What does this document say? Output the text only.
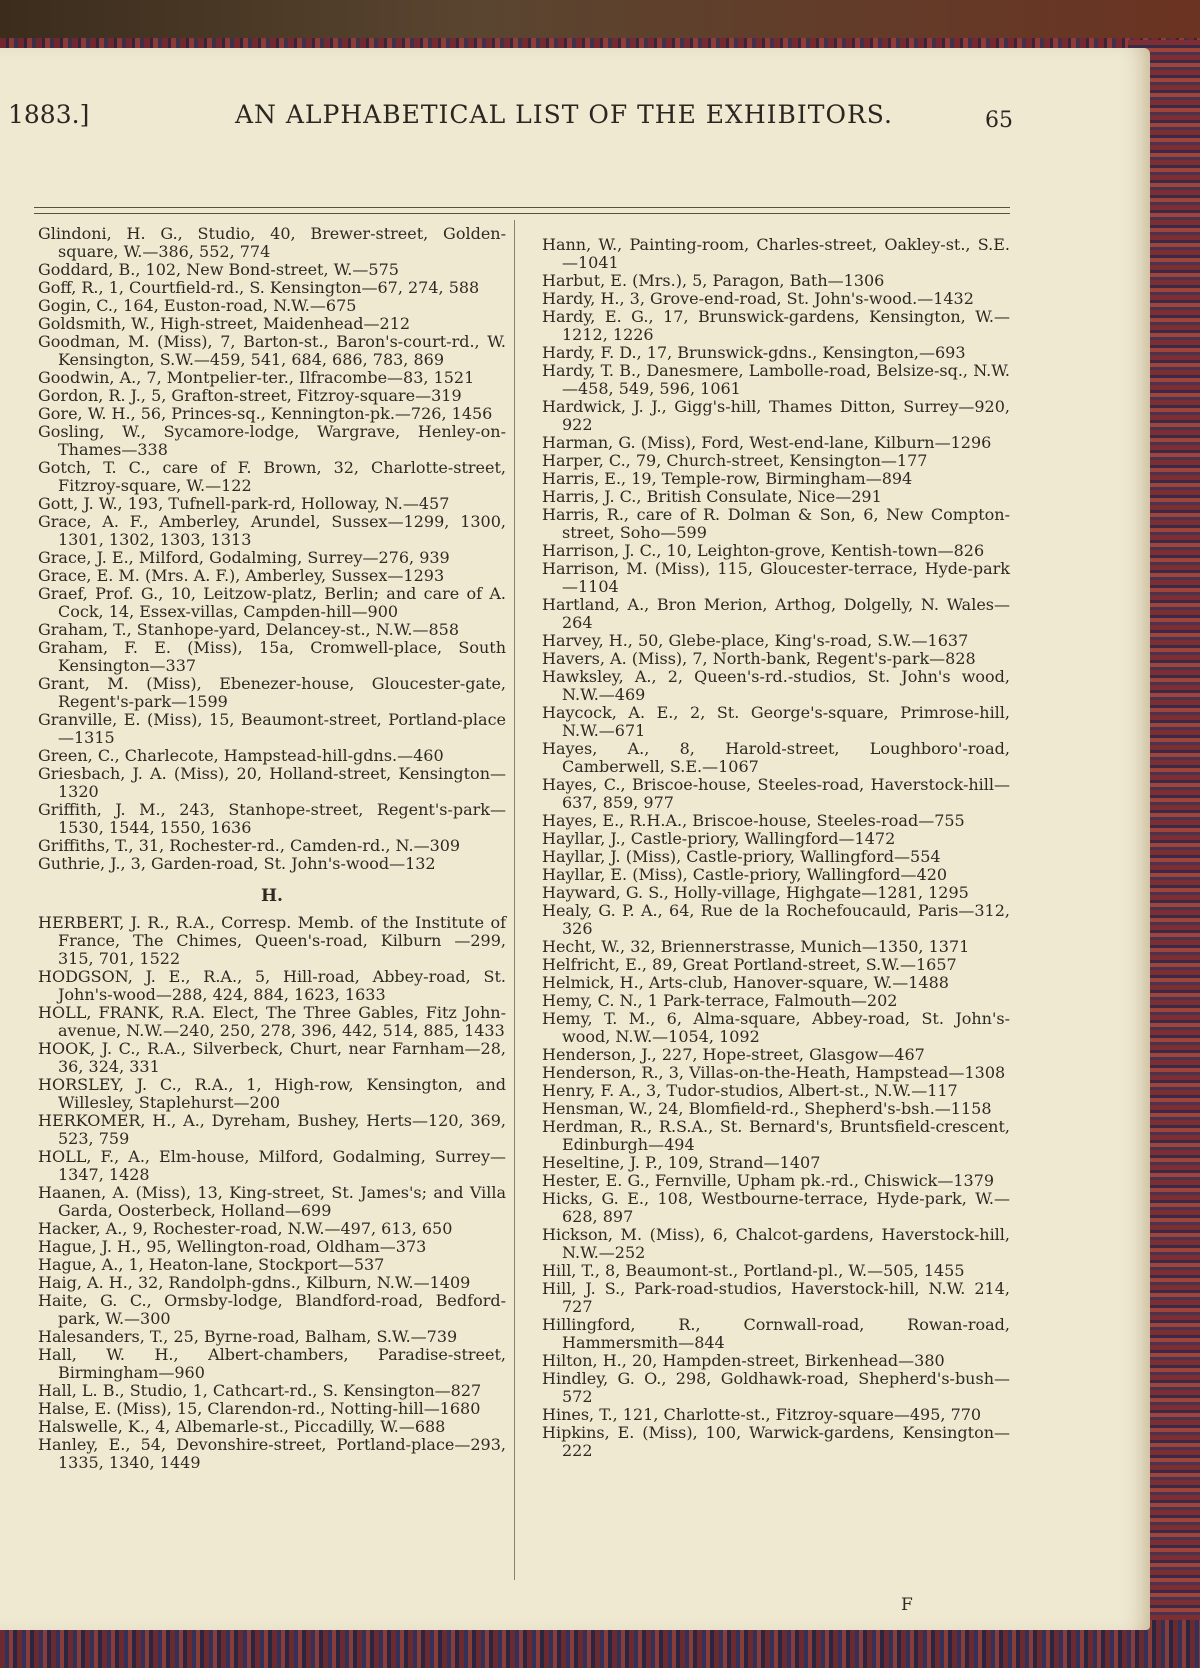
1883.]	AN ALPHABETICAL LIST OF THE EXHIBITORS.	65

Glindoni, H. G., Studio, 40, Brewer-street, Golden-square, W.—386, 552, 774

Goddard, B., 102, New Bond-street, W.—575

Goff, R., 1, Courtfield-rd., S. Kensington—67, 274, 588

Gogin, C., 164, Euston-road, N.W.—675

Goldsmith, W., High-street, Maidenhead—212

Goodman, M. (Miss), 7, Barton-st., Baron's-court-rd., W. Kensington, S.W.—459, 541, 684, 686, 783, 869

Goodwin, A., 7, Montpelier-ter., Ilfracombe—83, 1521

Gordon, R. J., 5, Grafton-street, Fitzroy-square—319

Gore, W. H., 56, Princes-sq., Kennington-pk.—726, 1456

Gosling, W., Sycamore-lodge, Wargrave, Henley-on-Thames—338

Gotch, T. C., care of F. Brown, 32, Charlotte-street, Fitzroy-square, W.—122

Gott, J. W., 193, Tufnell-park-rd, Holloway, N.—457

Grace, A. F., Amberley, Arundel, Sussex—1299, 1300, 1301, 1302, 1303, 1313

Grace, J. E., Milford, Godalming, Surrey—276, 939

Grace, E. M. (Mrs. A. F.), Amberley, Sussex—1293

Graef, Prof. G., 10, Leitzow-platz, Berlin; and care of A. Cock, 14, Essex-villas, Campden-hill—900

Graham, T., Stanhope-yard, Delancey-st., N.W.—858

Graham, F. E. (Miss), 15a, Cromwell-place, South Kensington—337

Grant, M. (Miss), Ebenezer-house, Gloucester-gate, Regent's-park—1599

Granville, E. (Miss), 15, Beaumont-street, Portland-place—1315

Green, C., Charlecote, Hampstead-hill-gdns.—460

Griesbach, J. A. (Miss), 20, Holland-street, Kensington—1320

Griffith, J. M., 243, Stanhope-street, Regent's-park—1530, 1544, 1550, 1636

Griffiths, T., 31, Rochester-rd., Camden-rd., N.—309

Guthrie, J., 3, Garden-road, St. John's-wood—132

H.

HERBERT, J. R., R.A., Corresp. Memb. of the Institute of France, The Chimes, Queen's-road, Kilburn —299, 315, 701, 1522

HODGSON, J. E., R.A., 5, Hill-road, Abbey-road, St. John's-wood—288, 424, 884, 1623, 1633

HOLL, FRANK, R.A. Elect, The Three Gables, Fitz John-avenue, N.W.—240, 250, 278, 396, 442, 514, 885, 1433

HOOK, J. C., R.A., Silverbeck, Churt, near Farnham—28, 36, 324, 331

HORSLEY, J. C., R.A., 1, High-row, Kensington, and Willesley, Staplehurst—200

HERKOMER, H., A., Dyreham, Bushey, Herts—120, 369, 523, 759

HOLL, F., A., Elm-house, Milford, Godalming, Surrey—1347, 1428

Haanen, A. (Miss), 13, King-street, St. James's; and Villa Garda, Oosterbeck, Holland—699

Hacker, A., 9, Rochester-road, N.W.—497, 613, 650

Hague, J. H., 95, Wellington-road, Oldham—373

Hague, A., 1, Heaton-lane, Stockport—537

Haig, A. H., 32, Randolph-gdns., Kilburn, N.W.—1409

Haite, G. C., Ormsby-lodge, Blandford-road, Bedford-park, W.—300

Halesanders, T., 25, Byrne-road, Balham, S.W.—739

Hall, W. H., Albert-chambers, Paradise-street, Birmingham—960

Hall, L. B., Studio, 1, Cathcart-rd., S. Kensington—827

Halse, E. (Miss), 15, Clarendon-rd., Notting-hill—1680

Halswelle, K., 4, Albemarle-st., Piccadilly, W.—688

Hanley, E., 54, Devonshire-street, Portland-place—293, 1335, 1340, 1449

Hann, W., Painting-room, Charles-street, Oakley-st., S.E.—1041

Harbut, E. (Mrs.), 5, Paragon, Bath—1306

Hardy, H., 3, Grove-end-road, St. John's-wood.—1432

Hardy, E. G., 17, Brunswick-gardens, Kensington, W.—1212, 1226

Hardy, F. D., 17, Brunswick-gdns., Kensington,—693

Hardy, T. B., Danesmere, Lambolle-road, Belsize-sq., N.W.—458, 549, 596, 1061

Hardwick, J. J., Gigg's-hill, Thames Ditton, Surrey—920, 922

Harman, G. (Miss), Ford, West-end-lane, Kilburn—1296

Harper, C., 79, Church-street, Kensington—177

Harris, E., 19, Temple-row, Birmingham—894

Harris, J. C., British Consulate, Nice—291

Harris, R., care of R. Dolman & Son, 6, New Compton-street, Soho—599

Harrison, J. C., 10, Leighton-grove, Kentish-town—826

Harrison, M. (Miss), 115, Gloucester-terrace, Hyde-park—1104

Hartland, A., Bron Merion, Arthog, Dolgelly, N. Wales—264

Harvey, H., 50, Glebe-place, King's-road, S.W.—1637

Havers, A. (Miss), 7, North-bank, Regent's-park—828

Hawksley, A., 2, Queen's-rd.-studios, St. John's wood, N.W.—469

Haycock, A. E., 2, St. George's-square, Primrose-hill, N.W.—671

Hayes, A., 8, Harold-street, Loughboro'-road, Camberwell, S.E.—1067

Hayes, C., Briscoe-house, Steeles-road, Haverstock-hill—637, 859, 977

Hayes, E., R.H.A., Briscoe-house, Steeles-road—755

Hayllar, J., Castle-priory, Wallingford—1472

Hayllar, J. (Miss), Castle-priory, Wallingford—554

Hayllar, E. (Miss), Castle-priory, Wallingford—420

Hayward, G. S., Holly-village, Highgate—1281, 1295

Healy, G. P. A., 64, Rue de la Rochefoucauld, Paris—312, 326

Hecht, W., 32, Briennerstrasse, Munich—1350, 1371

Helfricht, E., 89, Great Portland-street, S.W.—1657

Helmick, H., Arts-club, Hanover-square, W.—1488

Hemy, C. N., 1 Park-terrace, Falmouth—202

Hemy, T. M., 6, Alma-square, Abbey-road, St. John's-wood, N.W.—1054, 1092

Henderson, J., 227, Hope-street, Glasgow—467

Henderson, R., 3, Villas-on-the-Heath, Hampstead—1308

Henry, F. A., 3, Tudor-studios, Albert-st., N.W.—117

Hensman, W., 24, Blomfield-rd., Shepherd's-bsh.—1158

Herdman, R., R.S.A., St. Bernard's, Bruntsfield-crescent, Edinburgh—494

Heseltine, J. P., 109, Strand—1407

Hester, E. G., Fernville, Upham pk.-rd., Chiswick—1379

Hicks, G. E., 108, Westbourne-terrace, Hyde-park, W.—628, 897

Hickson, M. (Miss), 6, Chalcot-gardens, Haverstock-hill, N.W.—252

Hill, T., 8, Beaumont-st., Portland-pl., W.—505, 1455

Hill, J. S., Park-road-studios, Haverstock-hill, N.W. 214, 727

Hillingford, R., Cornwall-road, Rowan-road, Hammersmith—844

Hilton, H., 20, Hampden-street, Birkenhead—380

Hindley, G. O., 298, Goldhawk-road, Shepherd's-bush—572

Hines, T., 121, Charlotte-st., Fitzroy-square—495, 770

Hipkins, E. (Miss), 100, Warwick-gardens, Kensington—222

F
